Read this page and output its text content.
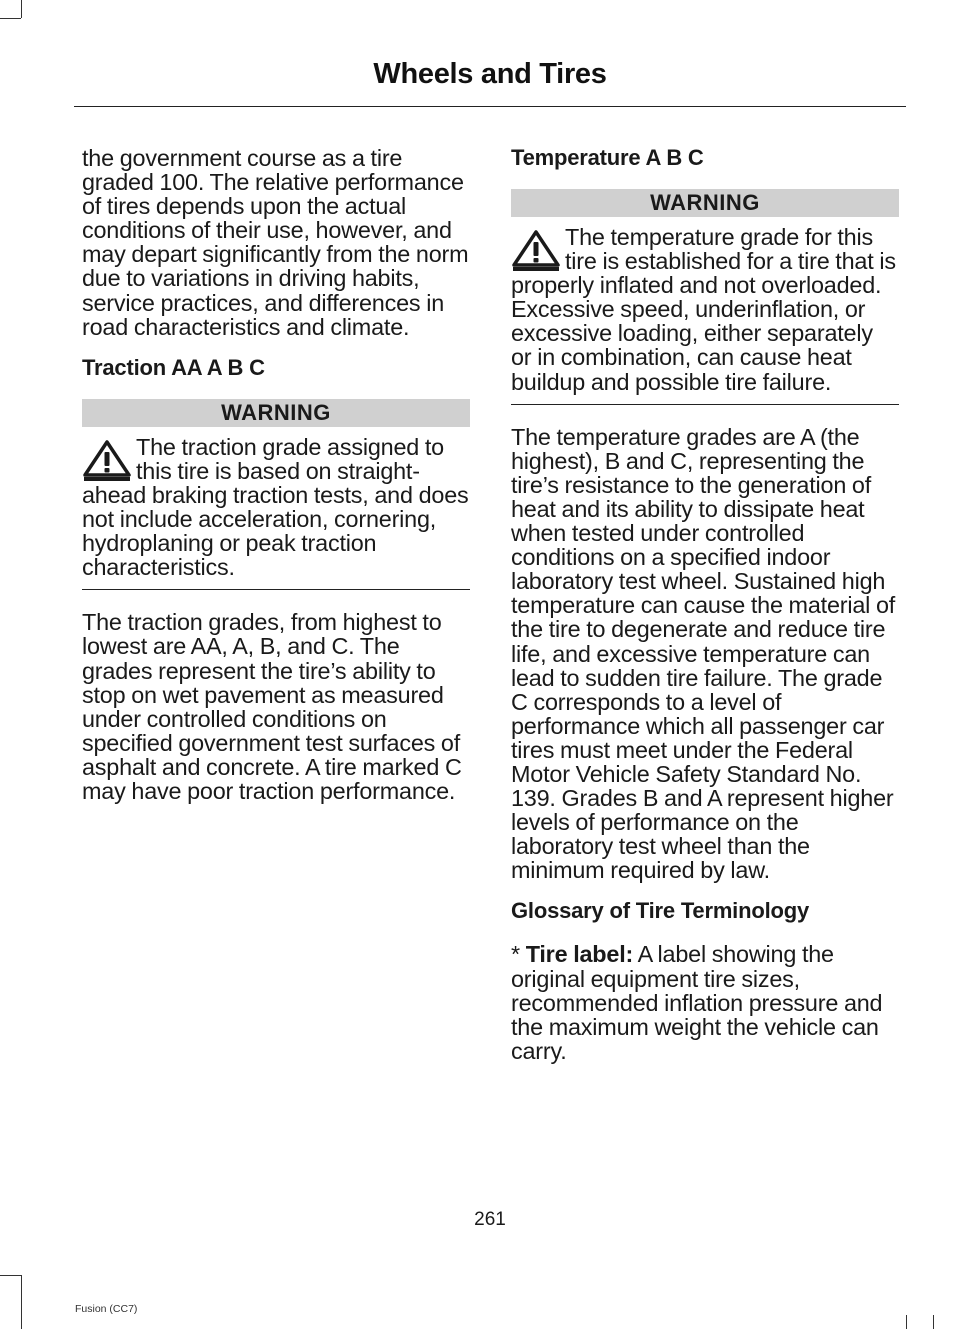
Wheels and Tires

the government course as a tire graded 100. The relative performance of tires depends upon the actual conditions of their use, however, and may depart significantly from the norm due to variations in driving habits, service practices, and differences in road characteristics and climate.

Traction AA A B C
WARNING
The traction grade assigned to this tire is based on straight-ahead braking traction tests, and does not include acceleration, cornering, hydroplaning or peak traction characteristics.

The traction grades, from highest to lowest are AA, A, B, and C. The grades represent the tire’s ability to stop on wet pavement as measured under controlled conditions on specified government test surfaces of asphalt and concrete. A tire marked C may have poor traction performance.

Temperature A B C
WARNING
The temperature grade for this tire is established for a tire that is properly inflated and not overloaded. Excessive speed, underinflation, or excessive loading, either separately or in combination, can cause heat buildup and possible tire failure.

The temperature grades are A (the highest), B and C, representing the tire’s resistance to the generation of heat and its ability to dissipate heat when tested under controlled conditions on a specified indoor laboratory test wheel. Sustained high temperature can cause the material of the tire to degenerate and reduce tire life, and excessive temperature can lead to sudden tire failure. The grade C corresponds to a level of performance which all passenger car tires must meet under the Federal Motor Vehicle Safety Standard No. 139. Grades B and A represent higher levels of performance on the laboratory test wheel than the minimum required by law.

Glossary of Tire Terminology

* Tire label: A label showing the original equipment tire sizes, recommended inflation pressure and the maximum weight the vehicle can carry.

261
Fusion (CC7)
